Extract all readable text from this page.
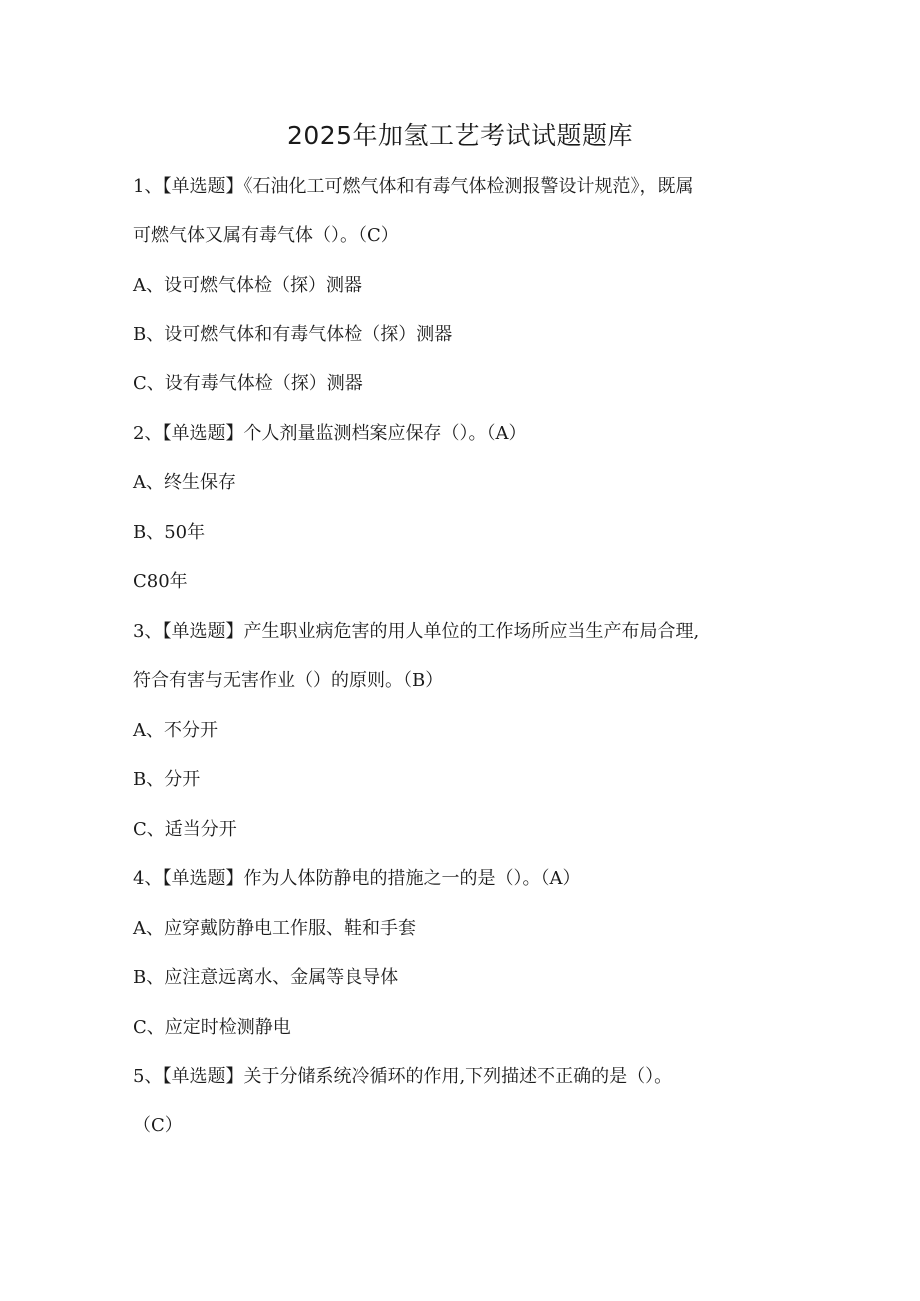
2025年加氢工艺考试试题题库

1、【单选题】《石油化工可燃气体和有毒气体检测报警设计规范》，既属

可燃气体又属有毒气体（）。（C）

A、设可燃气体检（探）测器

B、设可燃气体和有毒气体检（探）测器

C、设有毒气体检（探）测器

2、【单选题】个人剂量监测档案应保存（）。（A）

A、终生保存

B、50年

C80年

3、【单选题】产生职业病危害的用人单位的工作场所应当生产布局合理,

符合有害与无害作业（）的原则。（B）

A、不分开

B、分开

C、适当分开

4、【单选题】作为人体防静电的措施之一的是（）。（A）

A、应穿戴防静电工作服、鞋和手套

B、应注意远离水、金属等良导体

C、应定时检测静电

5、【单选题】关于分储系统冷循环的作用,下列描述不正确的是（）。

（C）
